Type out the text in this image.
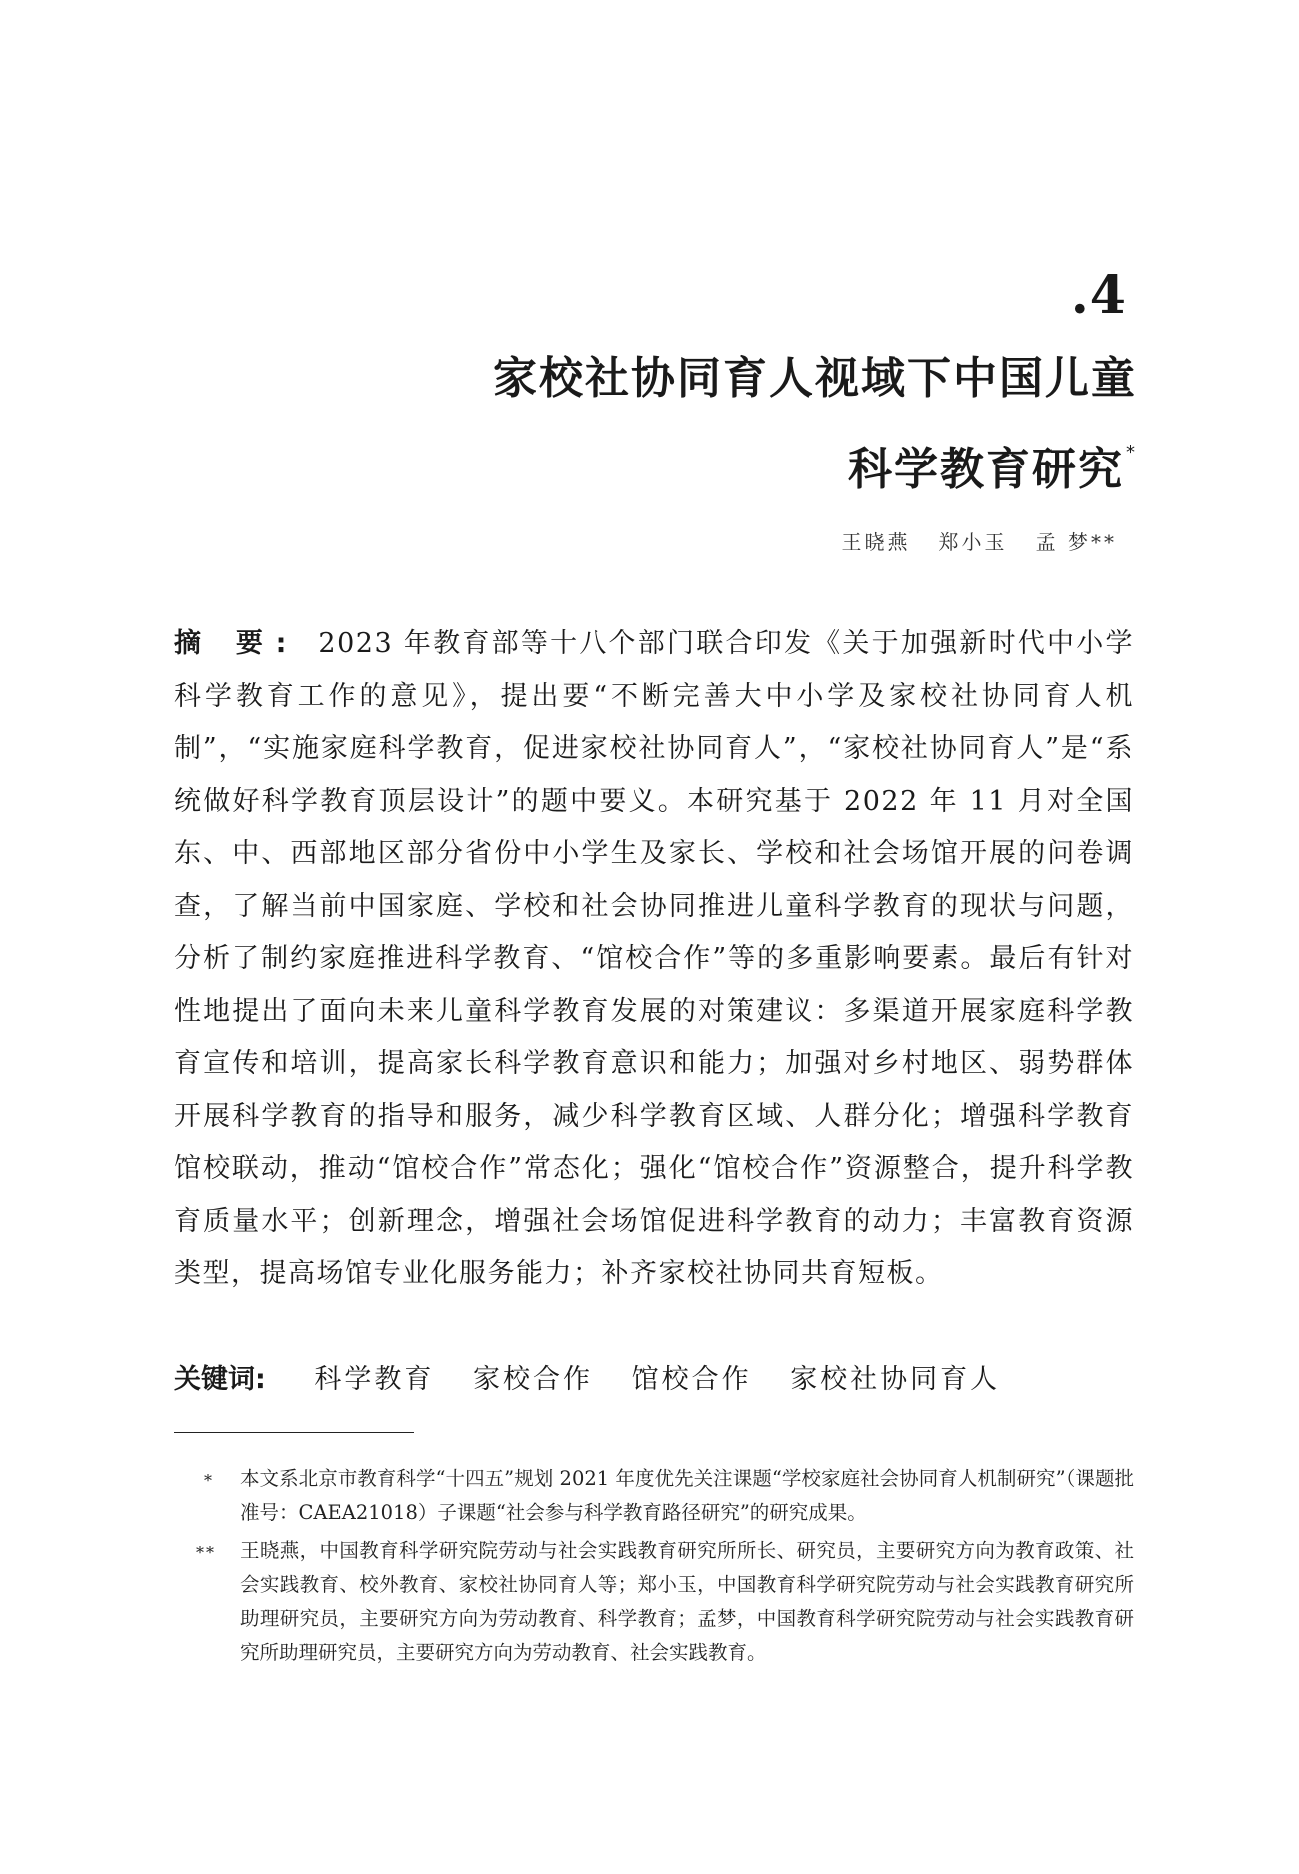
.4
家校社协同育人视域下中国儿童
科学教育研究 *
王晓燕   郑小玉   孟 梦**
摘 要: 2023 年教育部等十八个部门联合印发《关于加强新时代中小学科学教育工作的意见》，提出要“不断完善大中小学及家校社协同育人机制”，“实施家庭科学教育，促进家校社协同育人”，“家校社协同育人”是“系统做好科学教育顶层设计”的题中要义。本研究基于 2022 年 11 月对全国东、中、西部地区部分省份中小学生及家长、学校和社会场馆开展的问卷调查，了解当前中国家庭、学校和社会协同推进儿童科学教育的现状与问题，分析了制约家庭推进科学教育、“馆校合作”等的多重影响要素。最后有针对性地提出了面向未来儿童科学教育发展的对策建议：多渠道开展家庭科学教育宣传和培训，提高家长科学教育意识和能力；加强对乡村地区、弱势群体开展科学教育的指导和服务，减少科学教育区域、人群分化；增强科学教育馆校联动，推动“馆校合作”常态化；强化“馆校合作”资源整合，提升科学教育质量水平；创新理念，增强社会场馆促进科学教育的动力；丰富教育资源类型，提高场馆专业化服务能力；补齐家校社协同共育短板。
关键词: 科学教育 家校合作 馆校合作 家校社协同育人
* 本文系北京市教育科学“十四五”规划 2021 年度优先关注课题“学校家庭社会协同育人机制研究”（课题批准号：CAEA21018）子课题“社会参与科学教育路径研究”的研究成果。
** 王晓燕，中国教育科学研究院劳动与社会实践教育研究所所长、研究员，主要研究方向为教育政策、社会实践教育、校外教育、家校社协同育人等；郑小玉，中国教育科学研究院劳动与社会实践教育研究所助理研究员，主要研究方向为劳动教育、科学教育；孟梦，中国教育科学研究院劳动与社会实践教育研究所助理研究员，主要研究方向为劳动教育、社会实践教育。
